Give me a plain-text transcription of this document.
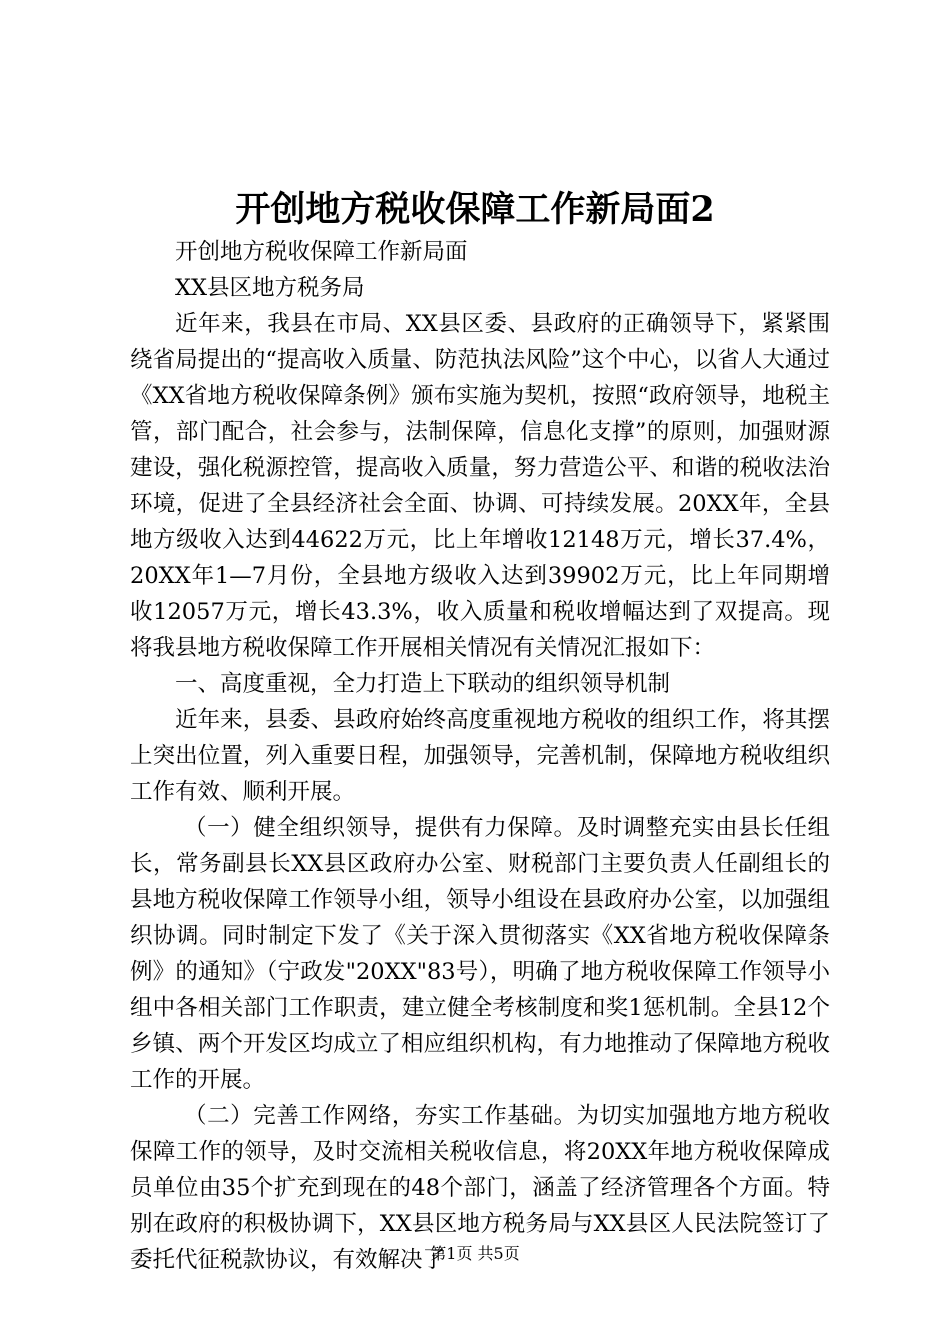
开创地方税收保障工作新局面2

开创地方税收保障工作新局面

XX县区地方税务局

近年来，我县在市局、XX县区委、县政府的正确领导下，紧紧围绕省局提出的“提高收入质量、防范执法风险”这个中心，以省人大通过《XX省地方税收保障条例》颁布实施为契机，按照“政府领导，地税主管，部门配合，社会参与，法制保障，信息化支撑”的原则，加强财源建设，强化税源控管，提高收入质量，努力营造公平、和谐的税收法治环境，促进了全县经济社会全面、协调、可持续发展。20XX年，全县地方级收入达到44622万元，比上年增收12148万元，增长37.4%，20XX年1—7月份，全县地方级收入达到39902万元，比上年同期增收12057万元，增长43.3%，收入质量和税收增幅达到了双提高。现将我县地方税收保障工作开展相关情况有关情况汇报如下：

一、高度重视，全力打造上下联动的组织领导机制

近年来，县委、县政府始终高度重视地方税收的组织工作，将其摆上突出位置，列入重要日程，加强领导，完善机制，保障地方税收组织工作有效、顺利开展。

（一）健全组织领导，提供有力保障。及时调整充实由县长任组长，常务副县长XX县区政府办公室、财税部门主要负责人任副组长的县地方税收保障工作领导小组，领导小组设在县政府办公室，以加强组织协调。同时制定下发了《关于深入贯彻落实《XX省地方税收保障条例》的通知》（宁政发"20XX"83号），明确了地方税收保障工作领导小组中各相关部门工作职责，建立健全考核制度和奖1惩机制。全县12个乡镇、两个开发区均成立了相应组织机构，有力地推动了保障地方税收工作的开展。

（二）完善工作网络，夯实工作基础。为切实加强地方地方税收保障工作的领导，及时交流相关税收信息，将20XX年地方税收保障成员单位由35个扩充到现在的48个部门，涵盖了经济管理各个方面。特别在政府的积极协调下，XX县区地方税务局与XX县区人民法院签订了委托代征税款协议，有效解决了

第1页 共5页
